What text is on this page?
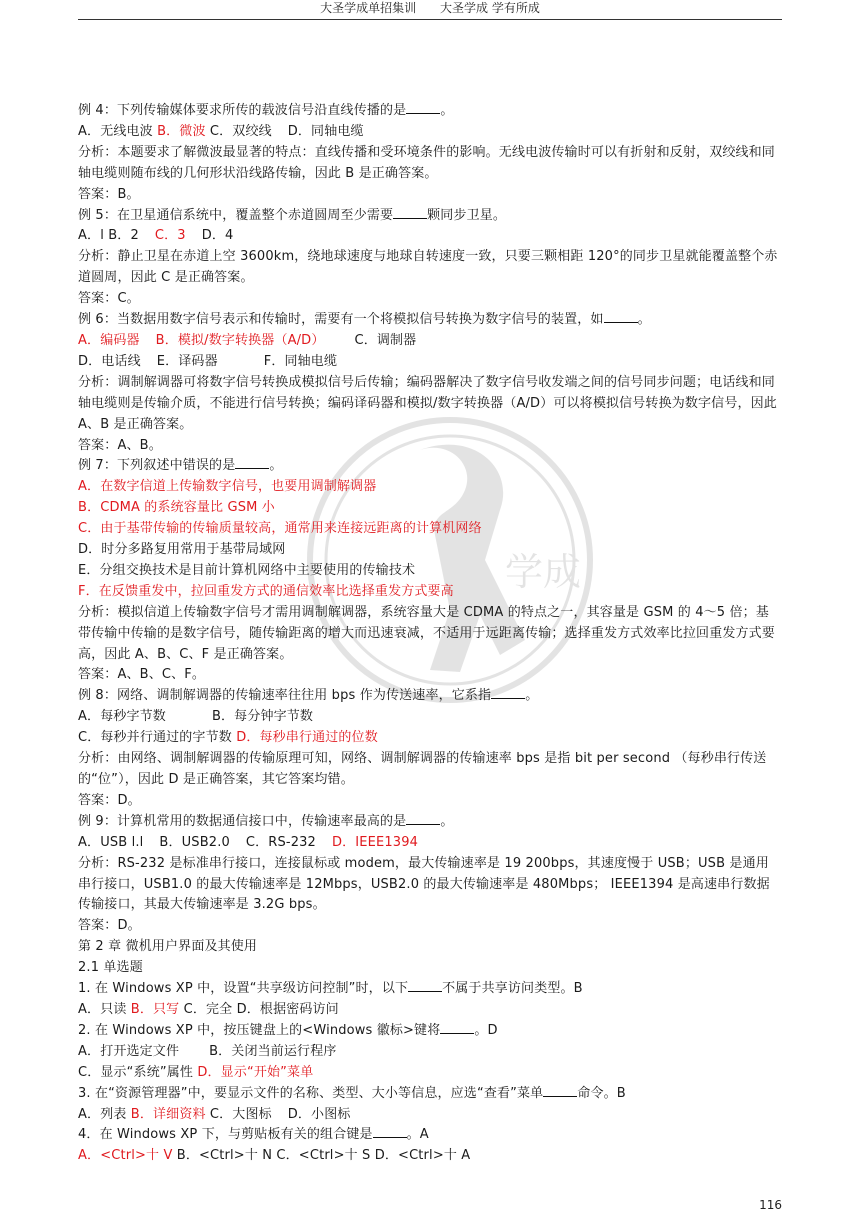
大圣学成单招集训 大圣学成 学有所成
学成

例 4：下列传输媒体要求所传的载波信号沿直线传播的是	。

A．无线电波 B．微波 C．双绞线 D．同轴电缆

分析：本题要求了解微波最显著的特点：直线传播和受环境条件的影响。无线电波传输时可以有折射和反射，双绞线和同轴电缆则随布线的几何形状沿线路传输，因此 B 是正确答案。

答案：B。

例 5：在卫星通信系统中，覆盖整个赤道圆周至少需要	颗同步卫星。

A．l B．2 C．3 D．4

分析：静止卫星在赤道上空 3600km，绕地球速度与地球自转速度一致，只要三颗相距 120°的同步卫星就能覆盖整个赤道圆周，因此 C 是正确答案。

答案：C。

例 6：当数据用数字信号表示和传输时，需要有一个将模拟信号转换为数字信号的装置，如	。

A．编码器 B．模拟/数字转换器（A/D） C．调制器

D．电话线 E．译码器	F．同轴电缆

分析：调制解调器可将数字信号转换成模拟信号后传输；编码器解决了数字信号收发端之间的信号同步问题；电话线和同轴电缆则是传输介质，不能进行信号转换；编码译码器和模拟/数字转换器（A/D）可以将模拟信号转换为数字信号，因此 A、B 是正确答案。

答案：A、B。

例 7：下列叙述中错误的是	。

A．在数字信道上传输数字信号，也要用调制解调器

B．CDMA 的系统容量比 GSM 小

C．由于基带传输的传输质量较高，通常用来连接远距离的计算机网络

D．时分多路复用常用于基带局域网

E．分组交换技术是目前计算机网络中主要使用的传输技术

F．在反馈重发中，拉回重发方式的通信效率比选择重发方式要高

分析：模拟信道上传输数字信号才需用调制解调器，系统容量大是 CDMA 的特点之一，其容量是 GSM 的 4～5 倍；基带传输中传输的是数字信号，随传输距离的增大而迅速衰减，不适用于远距离传输；选择重发方式效率比拉回重发方式要高，因此 A、B、C、F 是正确答案。

答案：A、B、C、F。

例 8：网络、调制解调器的传输速率往往用 bps 作为传送速率，它系指	。

A．每秒字节数	B．每分钟字节数

C．每秒并行通过的字节数 D．每秒串行通过的位数

分析：由网络、调制解调器的传输原理可知，网络、调制解调器的传输速率 bps 是指 bit per second （每秒串行传送的“位”），因此 D 是正确答案，其它答案均错。

答案：D。

例 9：计算机常用的数据通信接口中，传输速率最高的是	。

A．USB l.l B．USB2.0 C．RS-232 D．IEEE1394

分析：RS-232 是标准串行接口，连接鼠标或 modem，最大传输速率是 19 200bps，其速度慢于 USB；USB 是通用串行接口，USB1.0 的最大传输速率是 12Mbps，USB2.0 的最大传输速率是 480Mbps； IEEE1394 是高速串行数据传输接口，其最大传输速率是 3.2G bps。

答案：D。

第 2 章 微机用户界面及其使用

2.1 单选题

1. 在 Windows XP 中，设置“共享级访问控制”时，以下	不属于共享访问类型。B

A．只读 B．只写 C．完全 D．根据密码访问

2. 在 Windows XP 中，按压键盘上的<Windows 徽标>键将	。D

A．打开选定文件 B．关闭当前运行程序

C．显示“系统”属性 D．显示“开始”菜单

3. 在“资源管理器”中，要显示文件的名称、类型、大小等信息，应选“查看”菜单	命令。B

A．列表 B．详细资料 C．大图标 D．小图标

4．在 Windows XP 下，与剪贴板有关的组合键是	。A

A．<Ctrl>十 V B．<Ctrl>十 N C．<Ctrl>十 S D．<Ctrl>十 A

116
